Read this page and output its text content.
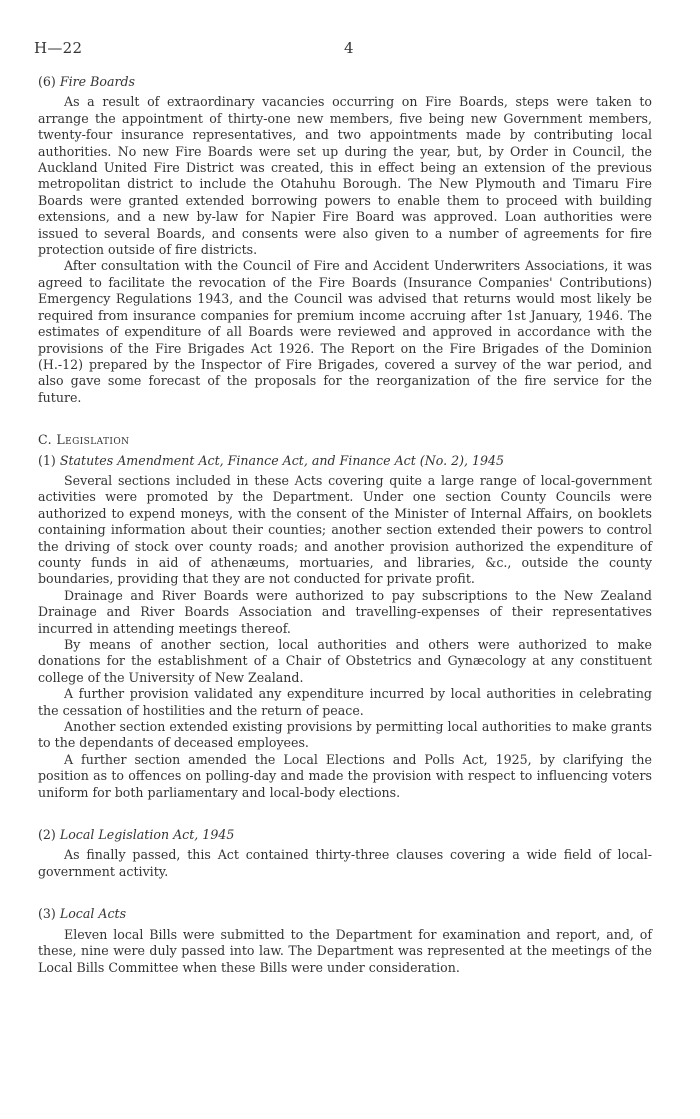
H—22	4
(6) Fire Boards

As a result of extraordinary vacancies occurring on Fire Boards, steps were taken to arrange the appointment of thirty-one new members, five being new Government members, twenty-four insurance representatives, and two appointments made by contributing local authorities. No new Fire Boards were set up during the year, but, by Order in Council, the Auckland United Fire District was created, this in effect being an extension of the previous metropolitan district to include the Otahuhu Borough. The New Plymouth and Timaru Fire Boards were granted extended borrowing powers to enable them to proceed with building extensions, and a new by-law for Napier Fire Board was approved. Loan authorities were issued to several Boards, and consents were also given to a number of agreements for fire protection outside of fire districts.

After consultation with the Council of Fire and Accident Underwriters Associations, it was agreed to facilitate the revocation of the Fire Boards (Insurance Companies' Contributions) Emergency Regulations 1943, and the Council was advised that returns would most likely be required from insurance companies for premium income accruing after 1st January, 1946. The estimates of expenditure of all Boards were reviewed and approved in accordance with the provisions of the Fire Brigades Act 1926. The Report on the Fire Brigades of the Dominion (H.-12) prepared by the Inspector of Fire Brigades, covered a survey of the war period, and also gave some forecast of the proposals for the reorganization of the fire service for the future.

C. Legislation
(1) Statutes Amendment Act, Finance Act, and Finance Act (No. 2), 1945

Several sections included in these Acts covering quite a large range of local-government activities were promoted by the Department. Under one section County Councils were authorized to expend moneys, with the consent of the Minister of Internal Affairs, on booklets containing information about their counties; another section extended their powers to control the driving of stock over county roads; and another provision authorized the expenditure of county funds in aid of athenæums, mortuaries, and libraries, &c., outside the county boundaries, providing that they are not conducted for private profit.

Drainage and River Boards were authorized to pay subscriptions to the New Zealand Drainage and River Boards Association and travelling-expenses of their representatives incurred in attending meetings thereof.

By means of another section, local authorities and others were authorized to make donations for the establishment of a Chair of Obstetrics and Gynæcology at any constituent college of the University of New Zealand.

A further provision validated any expenditure incurred by local authorities in celebrating the cessation of hostilities and the return of peace.

Another section extended existing provisions by permitting local authorities to make grants to the dependants of deceased employees.

A further section amended the Local Elections and Polls Act, 1925, by clarifying the position as to offences on polling-day and made the provision with respect to influencing voters uniform for both parliamentary and local-body elections.

(2) Local Legislation Act, 1945

As finally passed, this Act contained thirty-three clauses covering a wide field of local-government activity.

(3) Local Acts

Eleven local Bills were submitted to the Department for examination and report, and, of these, nine were duly passed into law. The Department was represented at the meetings of the Local Bills Committee when these Bills were under consideration.
